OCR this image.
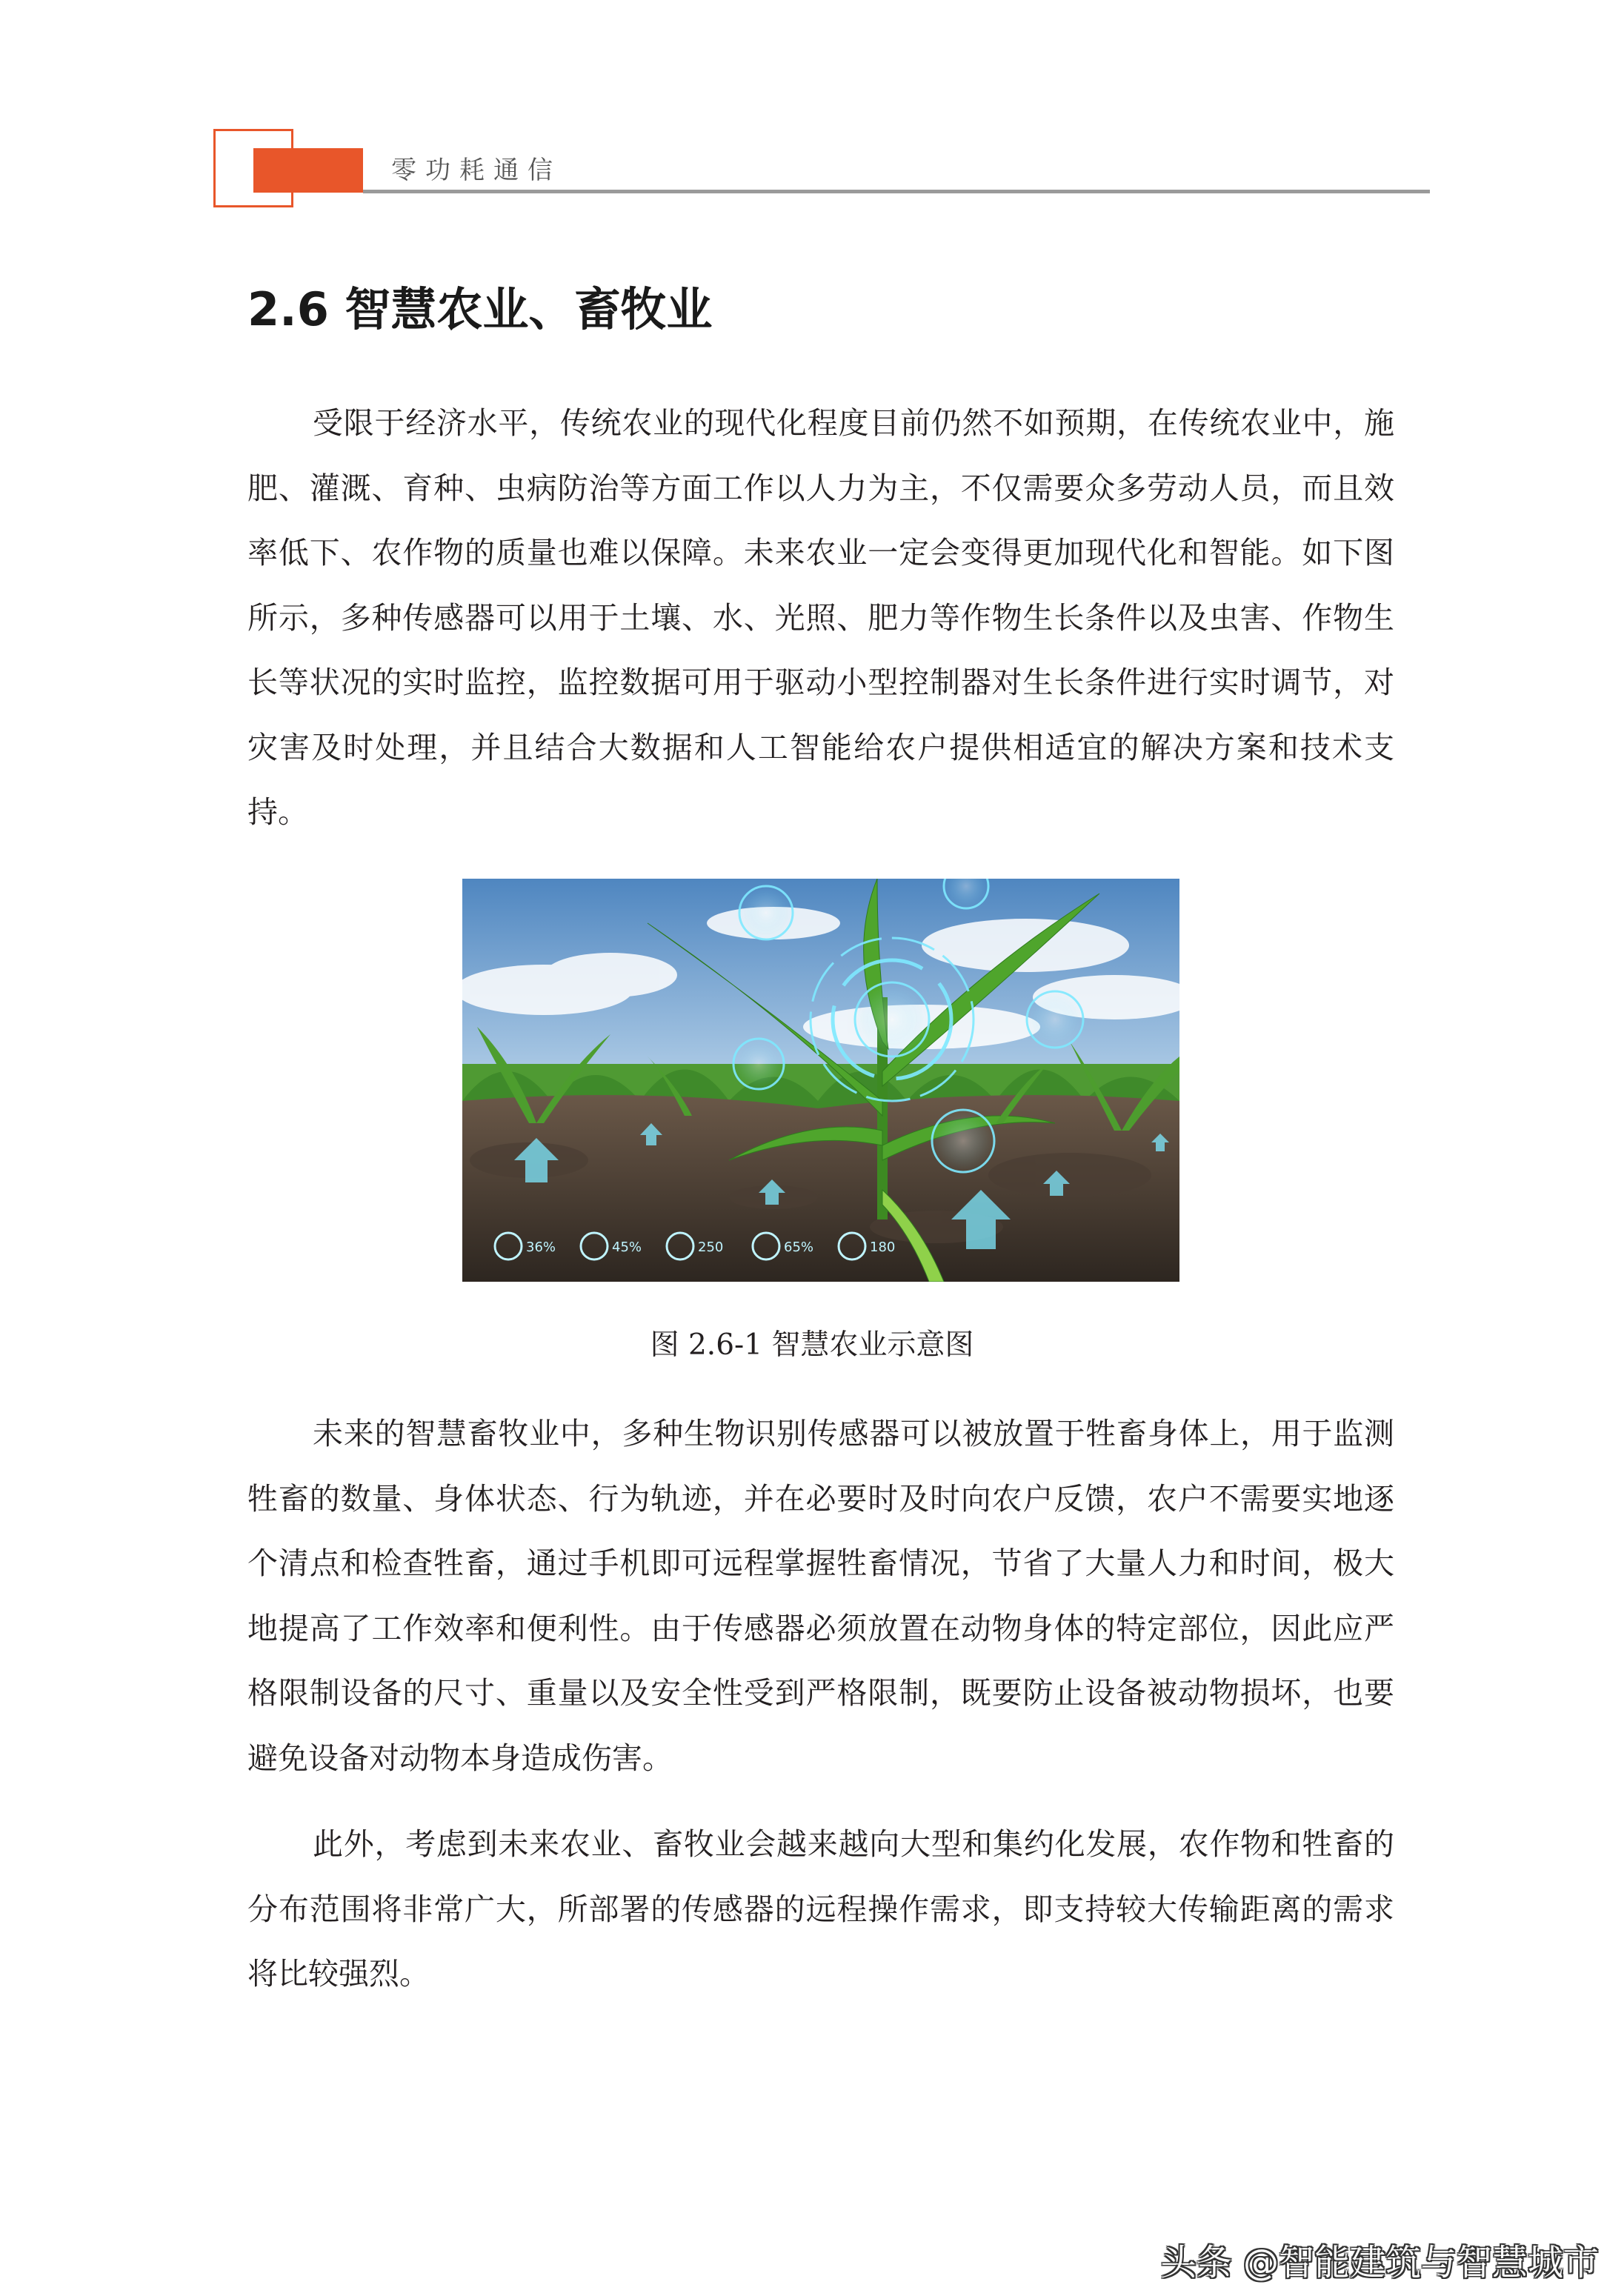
零功耗通信
2.6 智慧农业、畜牧业

受限于经济水平，传统农业的现代化程度目前仍然不如预期，在传统农业中，施肥、灌溉、育种、虫病防治等方面工作以人力为主，不仅需要众多劳动人员，而且效率低下、农作物的质量也难以保障。未来农业一定会变得更加现代化和智能。如下图所示，多种传感器可以用于土壤、水、光照、肥力等作物生长条件以及虫害、作物生长等状况的实时监控，监控数据可用于驱动小型控制器对生长条件进行实时调节，对灾害及时处理，并且结合大数据和人工智能给农户提供相适宜的解决方案和技术支持。

36%	45%	250	65%	180
图 2.6-1 智慧农业示意图

未来的智慧畜牧业中，多种生物识别传感器可以被放置于牲畜身体上，用于监测牲畜的数量、身体状态、行为轨迹，并在必要时及时向农户反馈，农户不需要实地逐个清点和检查牲畜，通过手机即可远程掌握牲畜情况，节省了大量人力和时间，极大地提高了工作效率和便利性。由于传感器必须放置在动物身体的特定部位，因此应严格限制设备的尺寸、重量以及安全性受到严格限制，既要防止设备被动物损坏，也要避免设备对动物本身造成伤害。

此外，考虑到未来农业、畜牧业会越来越向大型和集约化发展，农作物和牲畜的分布范围将非常广大，所部署的传感器的远程操作需求，即支持较大传输距离的需求将比较强烈。

头条 @智能建筑与智慧城市
